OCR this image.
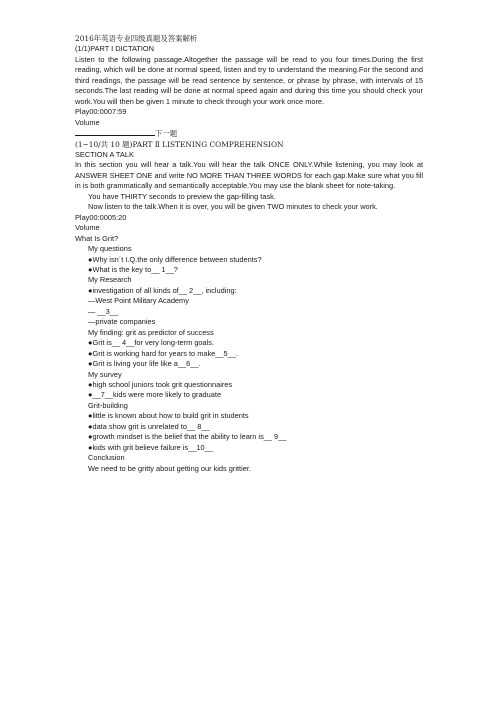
2016年英语专业四级真题及答案解析
(1/1)PART I DICTATION
Listen to the following passage.Altogether the passage will be read to you four times.During the first reading, which will be done at normal speed, listen and try to understand the meaning.For the second and third readings, the passage will be read sentence by sentence, or phrase by phrase, with intervals of 15 seconds.The last reading will be done at normal speed again and during this time you should check your work.You will then be given 1 minute to check through your work once more.
Play00:0007:59
Volume
下一题
(1~10/共 10 题)PART Ⅱ LISTENING COMPREHENSION
SECTION A TALK
In this section you will hear a talk.You will hear the talk ONCE ONLY.While listening, you may look at ANSWER SHEET ONE and write NO MORE THAN THREE WORDS for each gap.Make sure what you fill in is both grammatically and semantically acceptable.You may use the blank sheet for note-taking.
You have THIRTY seconds to preview the gap-filling task.
Now listen to the talk.When it is over, you will be given TWO minutes to check your work.
Play00:0005:20
Volume
What Is Grit?
My questions
●Why isn´t I.Q.the only difference between students?
●What is the key to__ 1__?
My Research
●investigation of all kinds of__ 2__, including:
—West Point Military Academy
— __3__
—private companies
My finding: grit as predictor of success
●Grit is__ 4__for very long-term goals.
●Grit is working hard for years to make__5__.
●Grit is living your life like a__6__.
My survey
●high school juniors took grit questionnaires
●__7__kids were more likely to graduate
Grit-building
●little is known about how to build grit in students
●data show grit is unrelated to__ 8__
●growth mindset is the belief that the ability to learn is__ 9__
●kids with grit believe failure is__10__
Conclusion
We need to be gritty about getting our kids grittier.
